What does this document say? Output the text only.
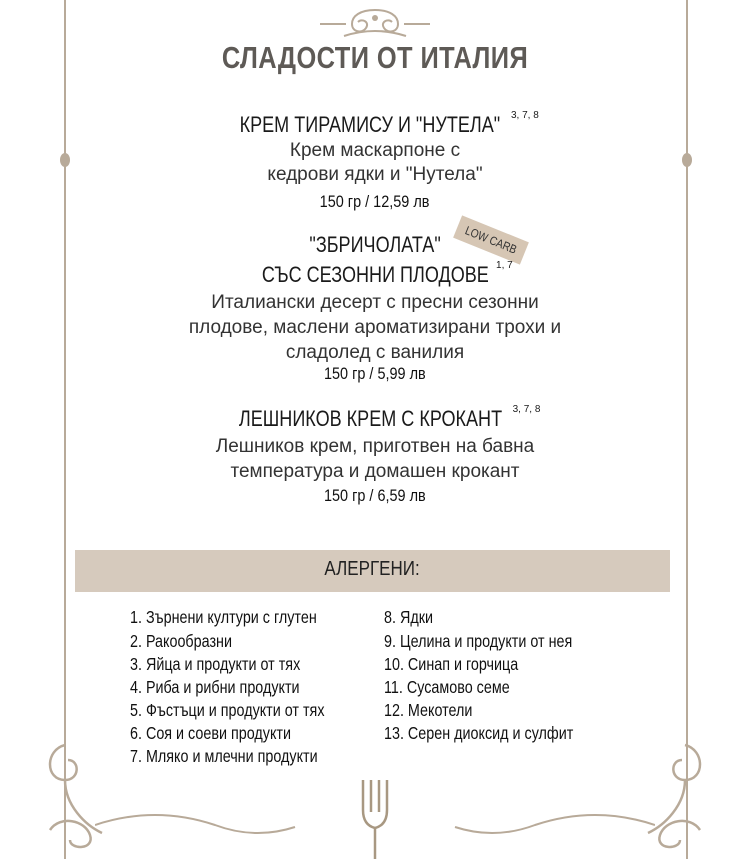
СЛАДОСТИ ОТ ИТАЛИЯ
КРЕМ ТИРАМИСУ И "НУТЕЛА" $^{3, 7, 8}$
Крем маскарпоне с
кедрови ядки и "Нутела"
150 гр / 12,59 лв
LOW CARB
"ЗБРИЧОЛАТА"
СЪС СЕЗОННИ ПЛОДОВЕ $^{1, 7}$
Италиански десерт с пресни сезонни
плодове, маслени ароматизирани трохи и
сладолед с ванилия
150 гр / 5,99 лв
ЛЕШНИКОВ КРЕМ С КРОКАНТ $^{3, 7, 8}$
Лешников крем, приготвен на бавна
температура и домашен крокант
150 гр / 6,59 лв
АЛЕРГЕНИ:
1. Зърнени култури с глутен
2. Ракообразни
3. Яйца и продукти от тях
4. Риба и рибни продукти
5. Фъстъци и продукти от тях
6. Соя и соеви продукти
7. Мляко и млечни продукти
8. Ядки
9. Целина и продукти от нея
10. Синап и горчица
11. Сусамово семе
12. Мекотели
13. Серен диоксид и сулфит
